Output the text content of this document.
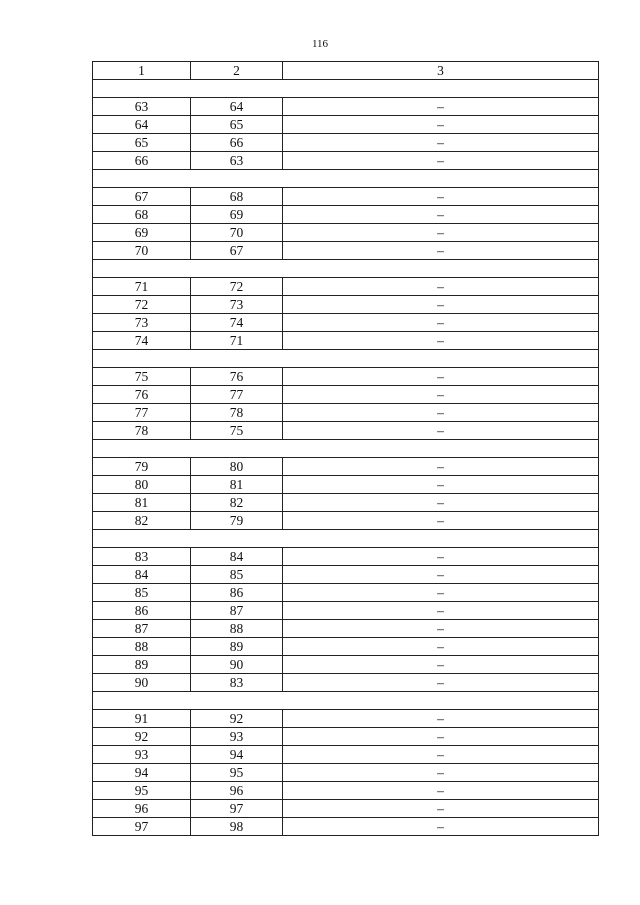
116
1	2	3

63	64	–
64	65	–
65	66	–
66	63	–

67	68	–
68	69	–
69	70	–
70	67	–

71	72	–
72	73	–
73	74	–
74	71	–

75	76	–
76	77	–
77	78	–
78	75	–

79	80	–
80	81	–
81	82	–
82	79	–

83	84	–
84	85	–
85	86	–
86	87	–
87	88	–
88	89	–
89	90	–
90	83	–

91	92	–
92	93	–
93	94	–
94	95	–
95	96	–
96	97	–
97	98	–
